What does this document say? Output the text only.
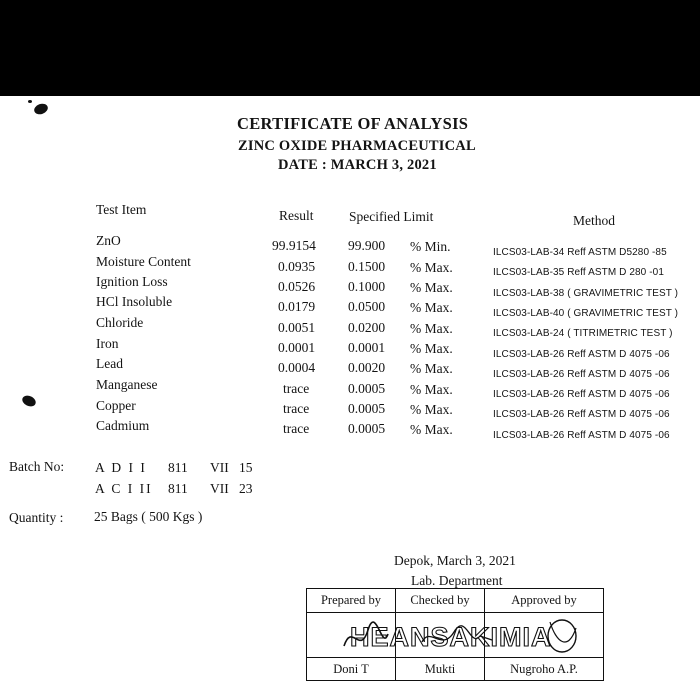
CERTIFICATE OF ANALYSIS
ZINC OXIDE PHARMACEUTICAL
DATE : MARCH 3, 2021
Test Item	Result	Specified Limit	Method
ZnO	99.9154 99.900 % Min.	ILCS03-LAB-34 Reff ASTM D5280 -85
Moisture Content	0.0935 0.1500 % Max.	ILCS03-LAB-35 Reff ASTM D 280 -01
Ignition Loss	0.0526 0.1000 % Max.	ILCS03-LAB-38 ( GRAVIMETRIC TEST )
HCl Insoluble	0.0179 0.0500 % Max.	ILCS03-LAB-40 ( GRAVIMETRIC TEST )
Chloride	0.0051 0.0200 % Max.	ILCS03-LAB-24 ( TITRIMETRIC TEST )
Iron	0.0001 0.0001 % Max.	ILCS03-LAB-26 Reff ASTM D 4075 -06
Lead	0.0004 0.0020 % Max.	ILCS03-LAB-26 Reff ASTM D 4075 -06
Manganese	trace	0.0005 % Max.	ILCS03-LAB-26 Reff ASTM D 4075 -06
Copper	trace	0.0005 % Max.	ILCS03-LAB-26 Reff ASTM D 4075 -06
Cadmium	trace	0.0005 % Max.	ILCS03-LAB-26 Reff ASTM D 4075 -06
Batch No: A D I I 811 VII 15
A C I II 811 VII 23
Quantity : 25 Bags ( 500 Kgs )
Depok, March 3, 2021
Lab. Department
Prepared by	Checked by	Approved by

Doni T	Mukti	Nugroho A.P.
HEANSAKIMIA
